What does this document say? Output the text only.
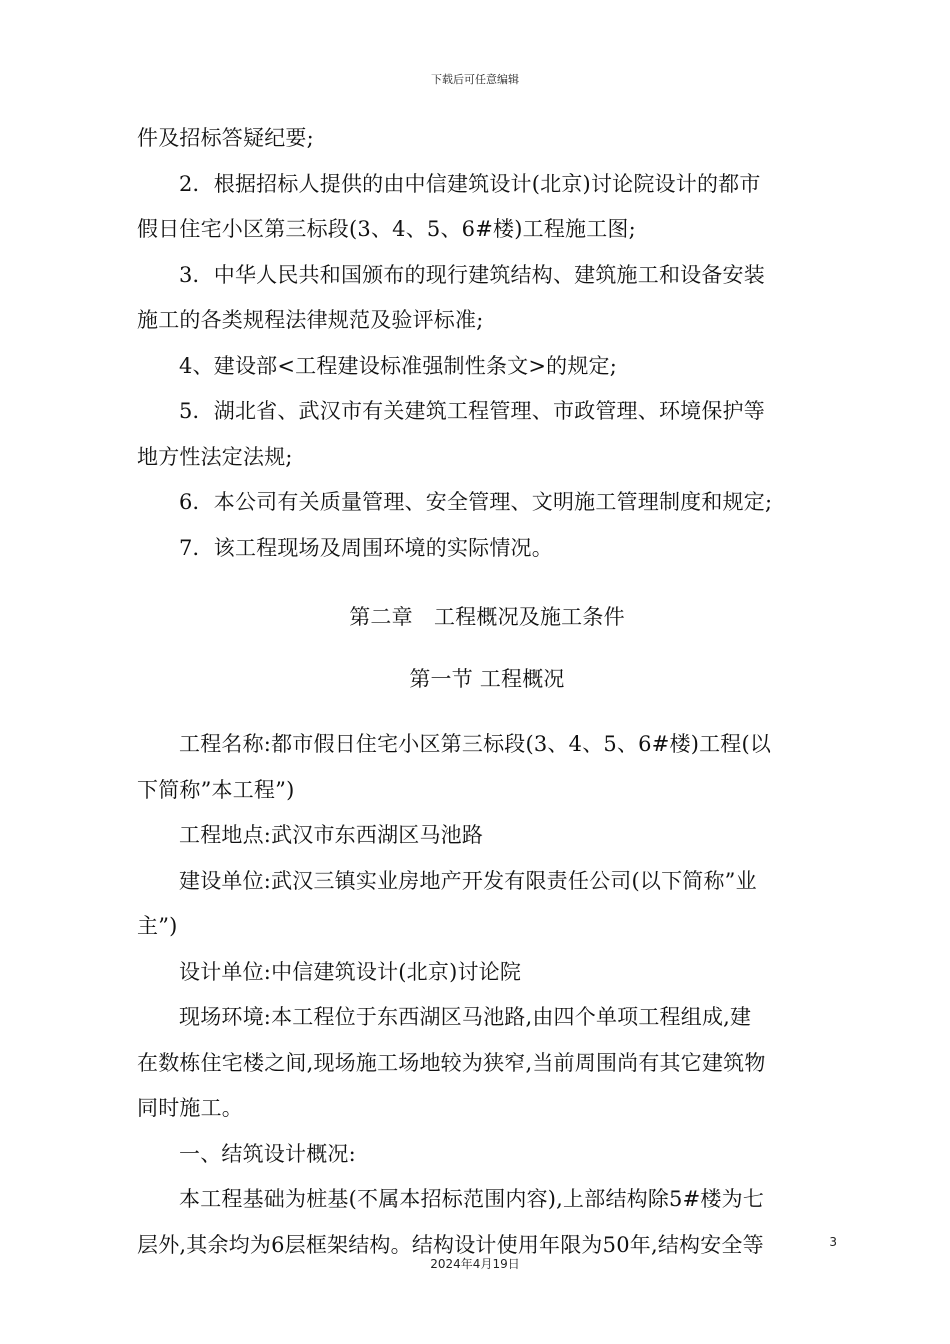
下载后可任意编辑
件及招标答疑纪要;
2．根据招标人提供的由中信建筑设计(北京)讨论院设计的都市
假日住宅小区第三标段(3、4、5、6#楼)工程施工图;
3．中华人民共和国颁布的现行建筑结构、建筑施工和设备安装
施工的各类规程法律规范及验评标准;
4、建设部<工程建设标准强制性条文>的规定;
5．湖北省、武汉市有关建筑工程管理、市政管理、环境保护等
地方性法定法规;
6．本公司有关质量管理、安全管理、文明施工管理制度和规定;
7．该工程现场及周围环境的实际情况。
第二章　工程概况及施工条件
第一节 工程概况
工程名称:都市假日住宅小区第三标段(3、4、5、6#楼)工程(以
下简称”本工程”)
工程地点:武汉市东西湖区马池路
建设单位:武汉三镇实业房地产开发有限责任公司(以下简称”业
主”)
设计单位:中信建筑设计(北京)讨论院
现场环境:本工程位于东西湖区马池路,由四个单项工程组成,建
在数栋住宅楼之间,现场施工场地较为狭窄,当前周围尚有其它建筑物
同时施工。
一、结筑设计概况:
本工程基础为桩基(不属本招标范围内容),上部结构除5#楼为七
层外,其余均为6层框架结构。结构设计使用年限为50年,结构安全等	3
2024年4月19日
